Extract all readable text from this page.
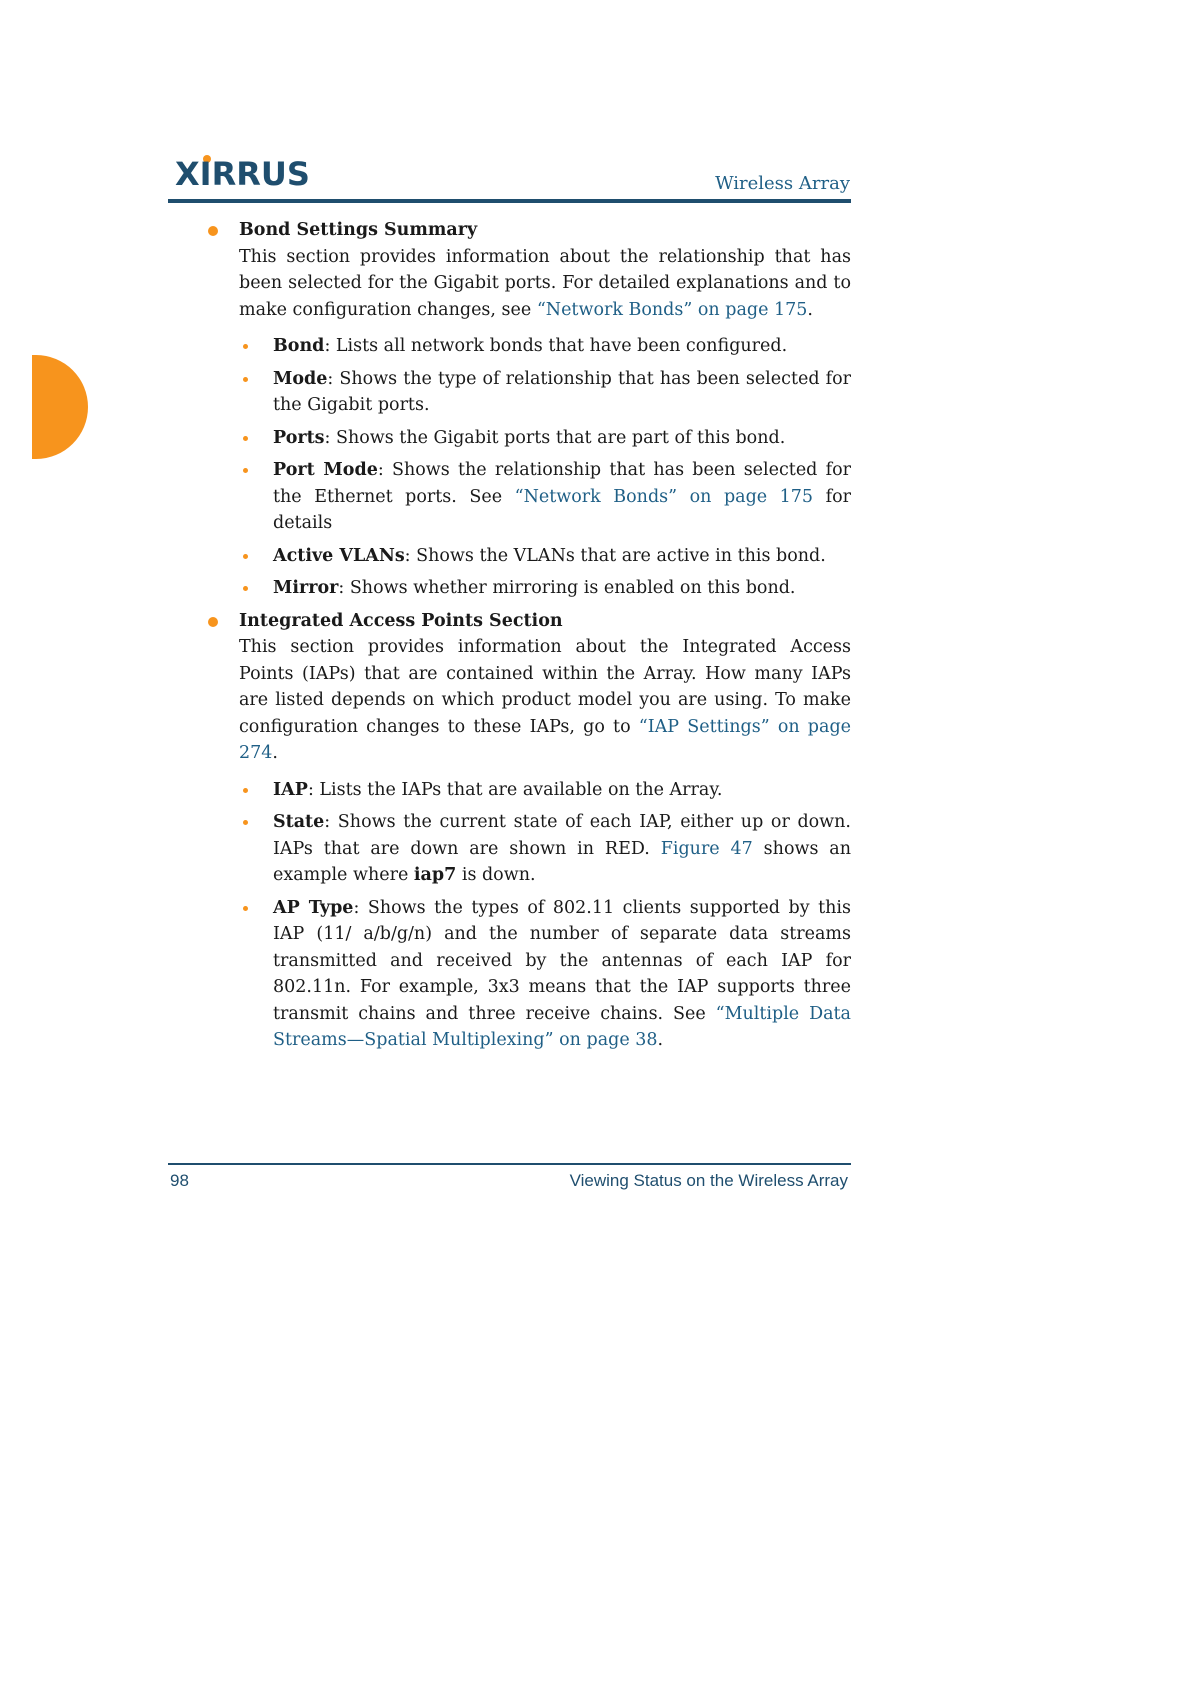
XIRRUS	Wireless Array
Bond Settings Summary

This section provides information about the relationship that has been selected for the Gigabit ports. For detailed explanations and to make configuration changes, see “Network Bonds” on page 175.

Bond: Lists all network bonds that have been configured.
Mode: Shows the type of relationship that has been selected for the Gigabit ports.
Ports: Shows the Gigabit ports that are part of this bond.
Port Mode: Shows the relationship that has been selected for the Ethernet ports. See “Network Bonds” on page 175 for details
Active VLANs: Shows the VLANs that are active in this bond.
Mirror: Shows whether mirroring is enabled on this bond.
Integrated Access Points Section

This section provides information about the Integrated Access Points (IAPs) that are contained within the Array. How many IAPs are listed depends on which product model you are using. To make configuration changes to these IAPs, go to “IAP Settings” on page 274.

IAP: Lists the IAPs that are available on the Array.
State: Shows the current state of each IAP, either up or down. IAPs that are down are shown in RED. Figure 47 shows an example where iap7 is down.
AP Type: Shows the types of 802.11 clients supported by this IAP (11/ a/b/g/n) and the number of separate data streams transmitted and received by the antennas of each IAP for 802.11n. For example, 3x3 means that the IAP supports three transmit chains and three receive chains. See “Multiple Data Streams—Spatial Multiplexing” on page 38.
98	Viewing Status on the Wireless Array
